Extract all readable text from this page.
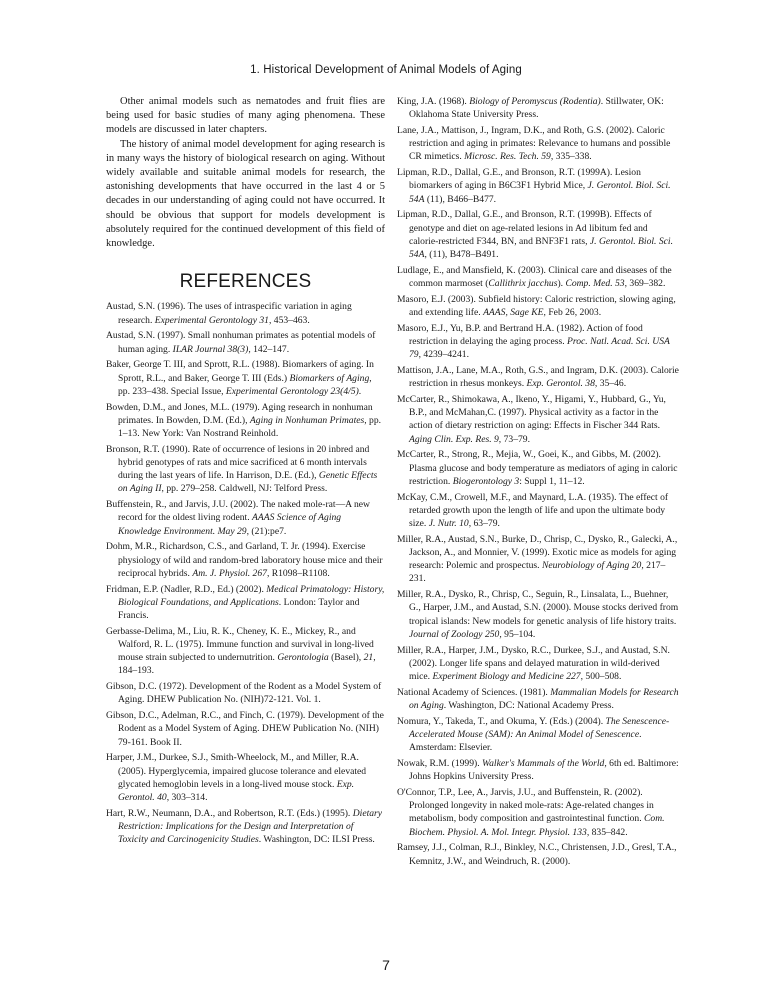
1. Historical Development of Animal Models of Aging

Other animal models such as nematodes and fruit flies are being used for basic studies of many aging phenomena. These models are discussed in later chapters.

The history of animal model development for aging research is in many ways the history of biological research on aging. Without widely available and suitable animal models for research, the astonishing developments that have occurred in the last 4 or 5 decades in our understanding of aging could not have occurred. It should be obvious that support for models development is absolutely required for the continued development of this field of knowledge.

REFERENCES

Austad, S.N. (1996). The uses of intraspecific variation in aging research. Experimental Gerontology 31, 453–463.

Austad, S.N. (1997). Small nonhuman primates as potential models of human aging. ILAR Journal 38(3), 142–147.

Baker, George T. III, and Sprott, R.L. (1988). Biomarkers of aging. In Sprott, R.L., and Baker, George T. III (Eds.) Biomarkers of Aging, pp. 233–438. Special Issue, Experimental Gerontology 23(4/5).

Bowden, D.M., and Jones, M.L. (1979). Aging research in nonhuman primates. In Bowden, D.M. (Ed.), Aging in Nonhuman Primates, pp. 1–13. New York: Van Nostrand Reinhold.

Bronson, R.T. (1990). Rate of occurrence of lesions in 20 inbred and hybrid genotypes of rats and mice sacrificed at 6 month intervals during the last years of life. In Harrison, D.E. (Ed.), Genetic Effects on Aging II, pp. 279–258. Caldwell, NJ: Telford Press.

Buffenstein, R., and Jarvis, J.U. (2002). The naked mole-rat—A new record for the oldest living rodent. AAAS Science of Aging Knowledge Environment. May 29, (21):pe7.

Dohm, M.R., Richardson, C.S., and Garland, T. Jr. (1994). Exercise physiology of wild and random-bred laboratory house mice and their reciprocal hybrids. Am. J. Physiol. 267, R1098–R1108.

Fridman, E.P. (Nadler, R.D., Ed.) (2002). Medical Primatology: History, Biological Foundations, and Applications. London: Taylor and Francis.

Gerbasse-Delima, M., Liu, R. K., Cheney, K. E., Mickey, R., and Walford, R. L. (1975). Immune function and survival in long-lived mouse strain subjected to undernutrition. Gerontologia (Basel), 21, 184–193.

Gibson, D.C. (1972). Development of the Rodent as a Model System of Aging. DHEW Publication No. (NIH)72-121. Vol. 1.

Gibson, D.C., Adelman, R.C., and Finch, C. (1979). Development of the Rodent as a Model System of Aging. DHEW Publication No. (NIH) 79-161. Book II.

Harper, J.M., Durkee, S.J., Smith-Wheelock, M., and Miller, R.A. (2005). Hyperglycemia, impaired glucose tolerance and elevated glycated hemoglobin levels in a long-lived mouse stock. Exp. Gerontol. 40, 303–314.

Hart, R.W., Neumann, D.A., and Robertson, R.T. (Eds.) (1995). Dietary Restriction: Implications for the Design and Interpretation of Toxicity and Carcinogenicity Studies. Washington, DC: ILSI Press.

King, J.A. (1968). Biology of Peromyscus (Rodentia). Stillwater, OK: Oklahoma State University Press.

Lane, J.A., Mattison, J., Ingram, D.K., and Roth, G.S. (2002). Caloric restriction and aging in primates: Relevance to humans and possible CR mimetics. Microsc. Res. Tech. 59, 335–338.

Lipman, R.D., Dallal, G.E., and Bronson, R.T. (1999A). Lesion biomarkers of aging in B6C3F1 Hybrid Mice, J. Gerontol. Biol. Sci. 54A (11), B466–B477.

Lipman, R.D., Dallal, G.E., and Bronson, R.T. (1999B). Effects of genotype and diet on age-related lesions in Ad libitum fed and calorie-restricted F344, BN, and BNF3F1 rats, J. Gerontol. Biol. Sci. 54A, (11), B478–B491.

Ludlage, E., and Mansfield, K. (2003). Clinical care and diseases of the common marmoset (Callithrix jacchus). Comp. Med. 53, 369–382.

Masoro, E.J. (2003). Subfield history: Caloric restriction, slowing aging, and extending life. AAAS, Sage KE, Feb 26, 2003.

Masoro, E.J., Yu, B.P. and Bertrand H.A. (1982). Action of food restriction in delaying the aging process. Proc. Natl. Acad. Sci. USA 79, 4239–4241.

Mattison, J.A., Lane, M.A., Roth, G.S., and Ingram, D.K. (2003). Calorie restriction in rhesus monkeys. Exp. Gerontol. 38, 35–46.

McCarter, R., Shimokawa, A., Ikeno, Y., Higami, Y., Hubbard, G., Yu, B.P., and McMahan,C. (1997). Physical activity as a factor in the action of dietary restriction on aging: Effects in Fischer 344 Rats. Aging Clin. Exp. Res. 9, 73–79.

McCarter, R., Strong, R., Mejia, W., Goei, K., and Gibbs, M. (2002). Plasma glucose and body temperature as mediators of aging in caloric restriction. Biogerontology 3: Suppl 1, 11–12.

McKay, C.M., Crowell, M.F., and Maynard, L.A. (1935). The effect of retarded growth upon the length of life and upon the ultimate body size. J. Nutr. 10, 63–79.

Miller, R.A., Austad, S.N., Burke, D., Chrisp, C., Dysko, R., Galecki, A., Jackson, A., and Monnier, V. (1999). Exotic mice as models for aging research: Polemic and prospectus. Neurobiology of Aging 20, 217–231.

Miller, R.A., Dysko, R., Chrisp, C., Seguin, R., Linsalata, L., Buehner, G., Harper, J.M., and Austad, S.N. (2000). Mouse stocks derived from tropical islands: New models for genetic analysis of life history traits. Journal of Zoology 250, 95–104.

Miller, R.A., Harper, J.M., Dysko, R.C., Durkee, S.J., and Austad, S.N. (2002). Longer life spans and delayed maturation in wild-derived mice. Experiment Biology and Medicine 227, 500–508.

National Academy of Sciences. (1981). Mammalian Models for Research on Aging. Washington, DC: National Academy Press.

Nomura, Y., Takeda, T., and Okuma, Y. (Eds.) (2004). The Senescence-Accelerated Mouse (SAM): An Animal Model of Senescence. Amsterdam: Elsevier.

Nowak, R.M. (1999). Walker's Mammals of the World, 6th ed. Baltimore: Johns Hopkins University Press.

O'Connor, T.P., Lee, A., Jarvis, J.U., and Buffenstein, R. (2002). Prolonged longevity in naked mole-rats: Age-related changes in metabolism, body composition and gastrointestinal function. Com. Biochem. Physiol. A. Mol. Integr. Physiol. 133, 835–842.

Ramsey, J.J., Colman, R.J., Binkley, N.C., Christensen, J.D., Gresl, T.A., Kemnitz, J.W., and Weindruch, R. (2000).

7
